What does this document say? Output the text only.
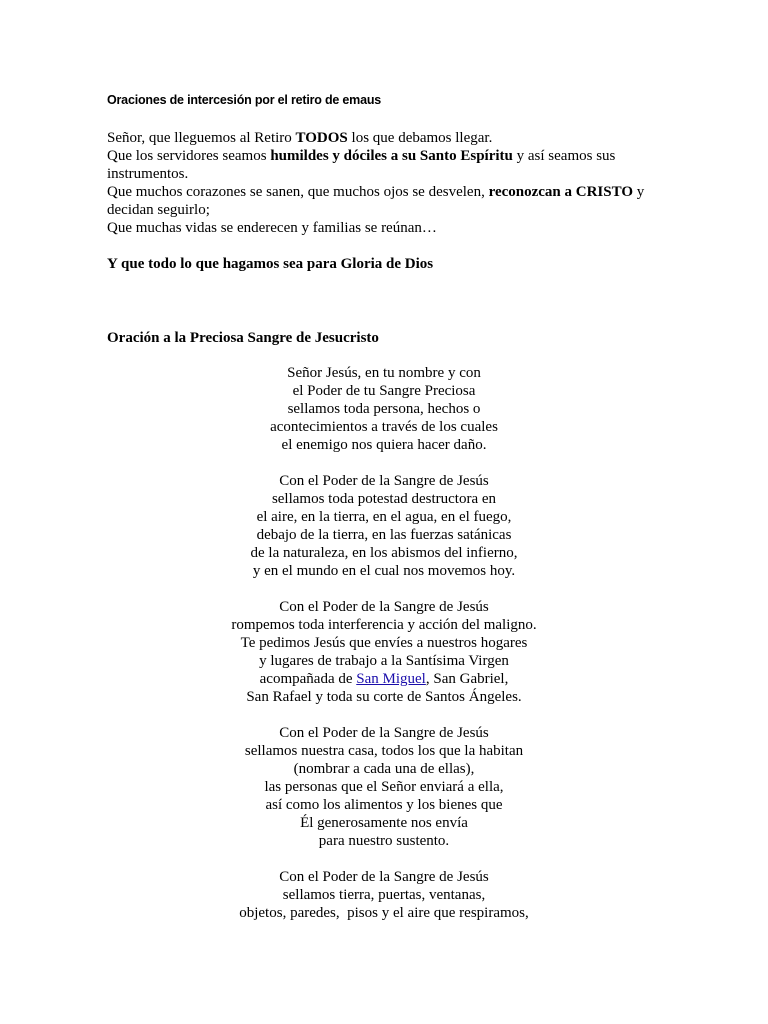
Oraciones de intercesión por el retiro de emaus

Señor, que lleguemos al Retiro TODOS los que debamos llegar.

Que los servidores seamos humildes y dóciles a su Santo Espíritu y así seamos sus instrumentos.

Que muchos corazones se sanen, que muchos ojos se desvelen, reconozcan a CRISTO y decidan seguirlo;

Que muchas vidas se enderecen y familias se reúnan…

Y que todo lo que hagamos sea para Gloria de Dios
Oración a la Preciosa Sangre de Jesucristo
Señor Jesús, en tu nombre y con
el Poder de tu Sangre Preciosa
sellamos toda persona, hechos o
acontecimientos a través de los cuales
el enemigo nos quiera hacer daño.
Con el Poder de la Sangre de Jesús
sellamos toda potestad destructora en
el aire, en la tierra, en el agua, en el fuego,
debajo de la tierra, en las fuerzas satánicas
de la naturaleza, en los abismos del infierno,
y en el mundo en el cual nos movemos hoy.
Con el Poder de la Sangre de Jesús
rompemos toda interferencia y acción del maligno.
Te pedimos Jesús que envíes a nuestros hogares
y lugares de trabajo a la Santísima Virgen
acompañada de San Miguel, San Gabriel,
San Rafael y toda su corte de Santos Ángeles.
Con el Poder de la Sangre de Jesús
sellamos nuestra casa, todos los que la habitan
(nombrar a cada una de ellas),
las personas que el Señor enviará a ella,
así como los alimentos y los bienes que
Él generosamente nos envía
para nuestro sustento.
Con el Poder de la Sangre de Jesús
sellamos tierra, puertas, ventanas,
objetos, paredes,  pisos y el aire que respiramos,
